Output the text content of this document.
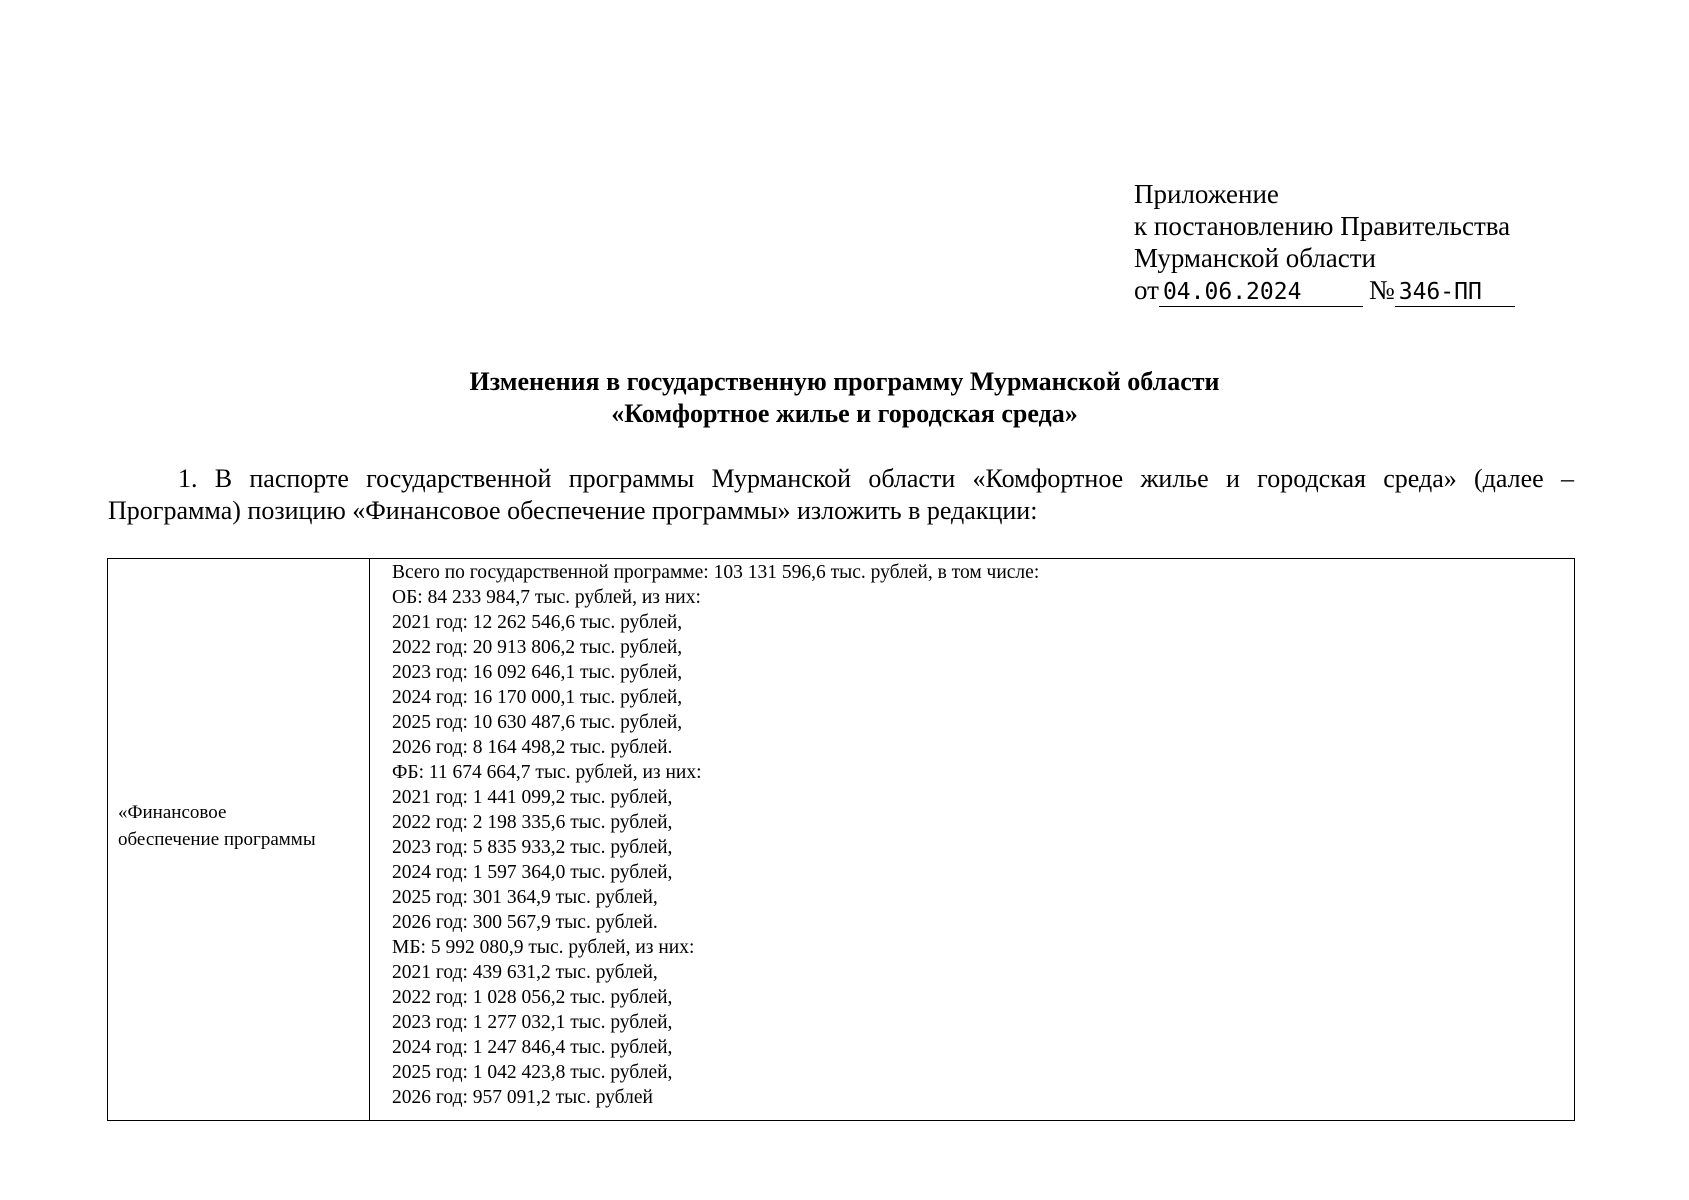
Приложение
к постановлению Правительства
Мурманской области
от 04.06.2024	№ 346-ПП
Изменения в государственную программу Мурманской области
«Комфортное жилье и городская среда»
1. В паспорте государственной программы Мурманской области «Комфортное жилье и городская среда» (далее –
Программа) позицию «Финансовое обеспечение программы» изложить в редакции:
«Финансовое
обеспечение программы
Всего по государственной программе: 103 131 596,6 тыс. рублей, в том числе:
ОБ: 84 233 984,7 тыс. рублей, из них:
2021 год: 12 262 546,6 тыс. рублей,
2022 год: 20 913 806,2 тыс. рублей,
2023 год: 16 092 646,1 тыс. рублей,
2024 год: 16 170 000,1 тыс. рублей,
2025 год: 10 630 487,6 тыс. рублей,
2026 год: 8 164 498,2 тыс. рублей.
ФБ: 11 674 664,7 тыс. рублей, из них:
2021 год: 1 441 099,2 тыс. рублей,
2022 год: 2 198 335,6 тыс. рублей,
2023 год: 5 835 933,2 тыс. рублей,
2024 год: 1 597 364,0 тыс. рублей,
2025 год: 301 364,9 тыс. рублей,
2026 год: 300 567,9 тыс. рублей.
МБ: 5 992 080,9 тыс. рублей, из них:
2021 год: 439 631,2 тыс. рублей,
2022 год: 1 028 056,2 тыс. рублей,
2023 год: 1 277 032,1 тыс. рублей,
2024 год: 1 247 846,4 тыс. рублей,
2025 год: 1 042 423,8 тыс. рублей,
2026 год: 957 091,2 тыс. рублей
